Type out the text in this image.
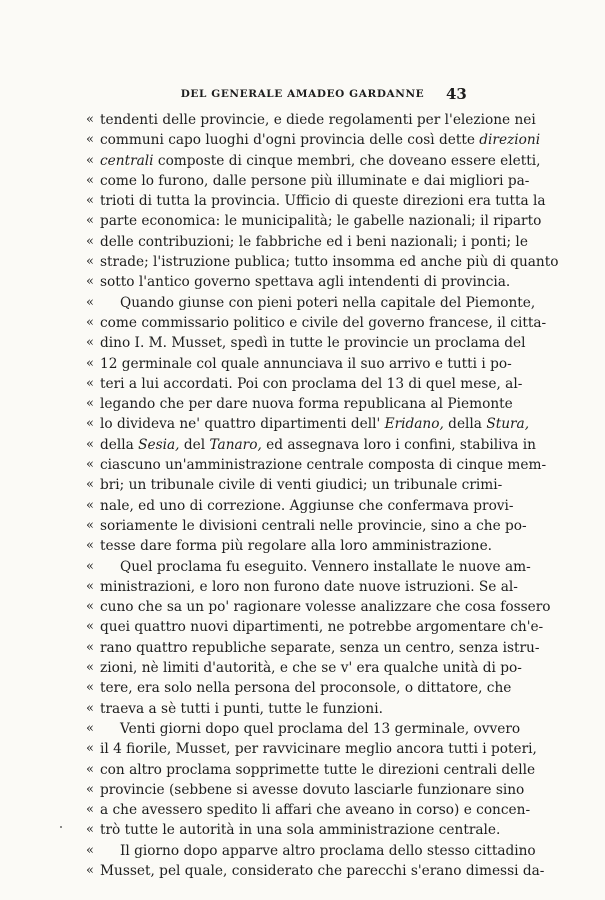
DEL GENERALE AMADEO GARDANNE	43
« tendenti delle provincie, e diede regolamenti per l'elezione nei
« communi capo luoghi d'ogni provincia delle così dette direzioni
« centrali composte di cinque membri, che doveano essere eletti,
« come lo furono, dalle persone più illuminate e dai migliori pa-
« trioti di tutta la provincia. Ufficio di queste direzioni era tutta la
« parte economica: le municipalità; le gabelle nazionali; il riparto
« delle contribuzioni; le fabbriche ed i beni nazionali; i ponti; le
« strade; l'istruzione publica; tutto insomma ed anche più di quanto
« sotto l'antico governo spettava agli intendenti di provincia.
« Quando giunse con pieni poteri nella capitale del Piemonte,
« come commissario politico e civile del governo francese, il citta-
« dino I. M. Musset, spedì in tutte le provincie un proclama del
« 12 germinale col quale annunciava il suo arrivo e tutti i po-
« teri a lui accordati. Poi con proclama del 13 di quel mese, al-
« legando che per dare nuova forma republicana al Piemonte
« lo divideva ne' quattro dipartimenti dell' Eridano, della Stura,
« della Sesia, del Tanaro, ed assegnava loro i confini, stabiliva in
« ciascuno un'amministrazione centrale composta di cinque mem-
« bri; un tribunale civile di venti giudici; un tribunale crimi-
« nale, ed uno di correzione. Aggiunse che confermava provi-
« soriamente le divisioni centrali nelle provincie, sino a che po-
« tesse dare forma più regolare alla loro amministrazione.
« Quel proclama fu eseguito. Vennero installate le nuove am-
« ministrazioni, e loro non furono date nuove istruzioni. Se al-
« cuno che sa un po' ragionare volesse analizzare che cosa fossero
« quei quattro nuovi dipartimenti, ne potrebbe argomentare ch'e-
« rano quattro republiche separate, senza un centro, senza istru-
« zioni, nè limiti d'autorità, e che se v' era qualche unità di po-
« tere, era solo nella persona del proconsole, o dittatore, che
« traeva a sè tutti i punti, tutte le funzioni.
« Venti giorni dopo quel proclama del 13 germinale, ovvero
« il 4 fiorile, Musset, per ravvicinare meglio ancora tutti i poteri,
« con altro proclama sopprimette tutte le direzioni centrali delle
« provincie (sebbene si avesse dovuto lasciarle funzionare sino
« a che avessero spedito li affari che aveano in corso) e concen-
« trò tutte le autorità in una sola amministrazione centrale.
« Il giorno dopo apparve altro proclama dello stesso cittadino
« Musset, pel quale, considerato che parecchi s'erano dimessi da-
